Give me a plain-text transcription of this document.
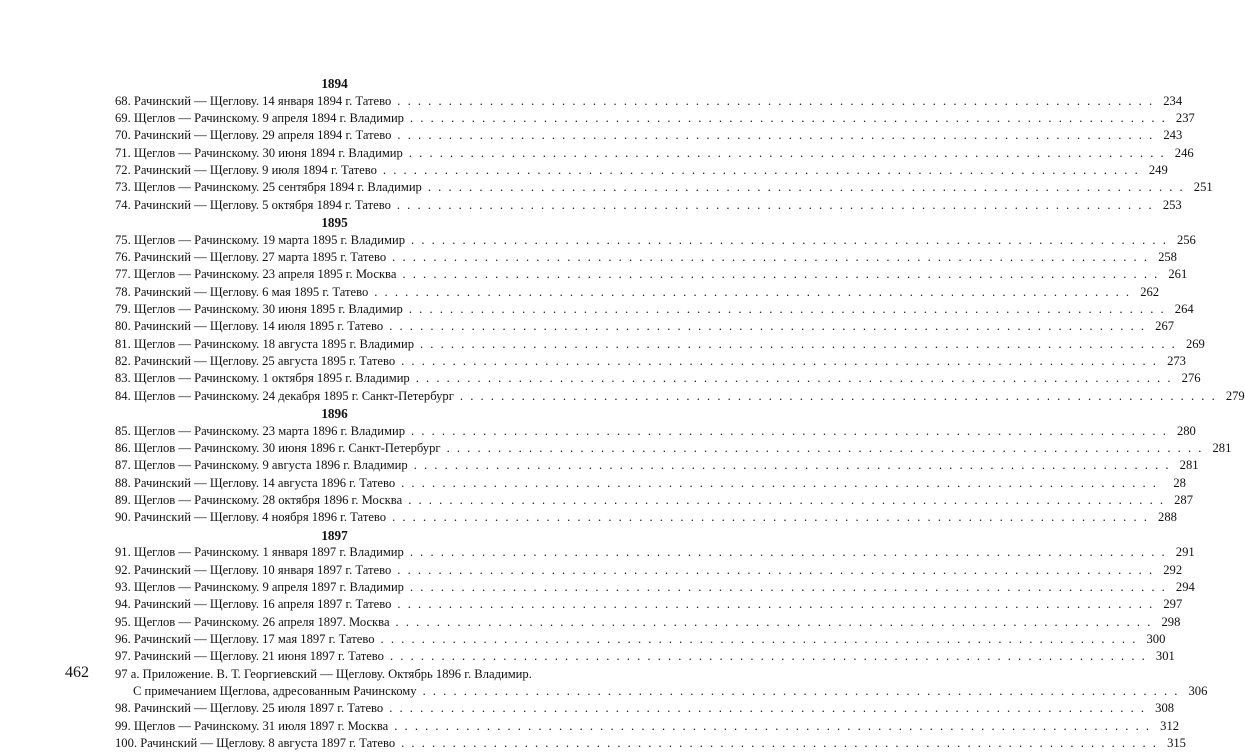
1894
68. Рачинский — Щеглову. 14 января 1894 г. Татево . . .	234
69. Щеглов — Рачинскому. 9 апреля 1894 г. Владимир . . .	237
70. Рачинский — Щеглову. 29 апреля 1894 г. Татево . . .	243
71. Щеглов — Рачинскому. 30 июня 1894 г. Владимир . . .	246
72. Рачинский — Щеглову. 9 июля 1894 г. Татево . . .	249
73. Щеглов — Рачинскому. 25 сентября 1894 г. Владимир . . .	251
74. Рачинский — Щеглову. 5 октября 1894 г. Татево . . .	253
1895
75. Щеглов — Рачинскому. 19 марта 1895 г. Владимир . . .	256
76. Рачинский — Щеглову. 27 марта 1895 г. Татево . . .	258
77. Щеглов — Рачинскому. 23 апреля 1895 г. Москва . . .	261
78. Рачинский — Щеглову. 6 мая 1895 г. Татево . . .	262
79. Щеглов — Рачинскому. 30 июня 1895 г. Владимир . . .	264
80. Рачинский — Щеглову. 14 июля 1895 г. Татево . . .	267
81. Щеглов — Рачинскому. 18 августа 1895 г. Владимир . . .	269
82. Рачинский — Щеглову. 25 августа 1895 г. Татево . . .	273
83. Щеглов — Рачинскому. 1 октября 1895 г. Владимир . . .	276
84. Щеглов — Рачинскому. 24 декабря 1895 г. Санкт-Петербург . . .	279
1896
85. Щеглов — Рачинскому. 23 марта 1896 г. Владимир . . .	280
86. Щеглов — Рачинскому. 30 июня 1896 г. Санкт-Петербург . . .	281
87. Щеглов — Рачинскому. 9 августа 1896 г. Владимир . . .	281
88. Рачинский — Щеглову. 14 августа 1896 г. Татево . . .	28
89. Щеглов — Рачинскому. 28 октября 1896 г. Москва . . .	287
90. Рачинский — Щеглову. 4 ноября 1896 г. Татево . . .	288
1897
91. Щеглов — Рачинскому. 1 января 1897 г. Владимир . . .	291
92. Рачинский — Щеглову. 10 января 1897 г. Татево . . .	292
93. Щеглов — Рачинскому. 9 апреля 1897 г. Владимир . . .	294
94. Рачинский — Щеглову. 16 апреля 1897 г. Татево . . .	297
95. Щеглов — Рачинскому. 26 апреля 1897. Москва . . .	298
96. Рачинский — Щеглову. 17 мая 1897 г. Татево . . .	300
97. Рачинский — Щеглову. 21 июня 1897 г. Татево . . .	301
97 а. Приложение. В. Т. Георгиевский — Щеглову. Октябрь 1896 г. Владимир.
С примечанием Щеглова, адресованным Рачинскому . . .	306
98. Рачинский — Щеглову. 25 июля 1897 г. Татево . . .	308
99. Щеглов — Рачинскому. 31 июля 1897 г. Москва . . .	312
100. Рачинский — Щеглову. 8 августа 1897 г. Татево . . .	315
462
